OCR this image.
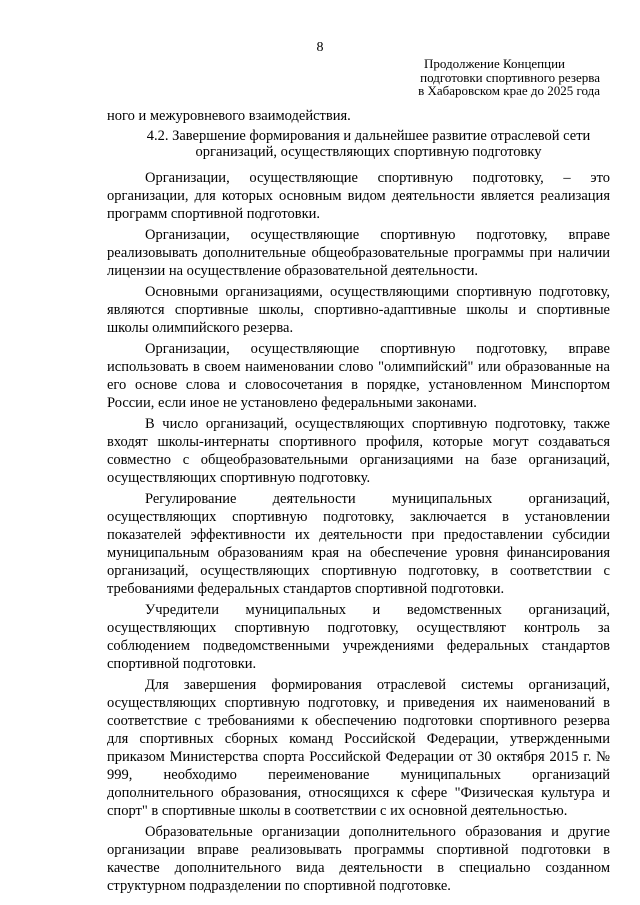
8
Продолжение Концепции
подготовки спортивного резерва
в Хабаровском крае до 2025 года

ного и межуровневого взаимодействия.

4.2. Завершение формирования и дальнейшее развитие отраслевой сети
организаций, осуществляющих спортивную подготовку

Организации, осуществляющие спортивную подготовку, – это организации, для которых основным видом деятельности является реализация программ спортивной подготовки.

Организации, осуществляющие спортивную подготовку, вправе реализовывать дополнительные общеобразовательные программы при наличии лицензии на осуществление образовательной деятельности.

Основными организациями, осуществляющими спортивную подготовку, являются спортивные школы, спортивно-адаптивные школы и спортивные школы олимпийского резерва.

Организации, осуществляющие спортивную подготовку, вправе использовать в своем наименовании слово "олимпийский" или образованные на его основе слова и словосочетания в порядке, установленном Минспортом России, если иное не установлено федеральными законами.

В число организаций, осуществляющих спортивную подготовку, также входят школы-интернаты спортивного профиля, которые могут создаваться совместно с общеобразовательными организациями на базе организаций, осуществляющих спортивную подготовку.

Регулирование деятельности муниципальных организаций, осуществляющих спортивную подготовку, заключается в установлении показателей эффективности их деятельности при предоставлении субсидии муниципальным образованиям края на обеспечение уровня финансирования организаций, осуществляющих спортивную подготовку, в соответствии с требованиями федеральных стандартов спортивной подготовки.

Учредители муниципальных и ведомственных организаций, осуществляющих спортивную подготовку, осуществляют контроль за соблюдением подведомственными учреждениями федеральных стандартов спортивной подготовки.

Для завершения формирования отраслевой системы организаций, осуществляющих спортивную подготовку, и приведения их наименований в соответствие с требованиями к обеспечению подготовки спортивного резерва для спортивных сборных команд Российской Федерации, утвержденными приказом Министерства спорта Российской Федерации от 30 октября 2015 г. № 999, необходимо переименование муниципальных организаций дополнительного образования, относящихся к сфере "Физическая культура и спорт" в спортивные школы в соответствии с их основной деятельностью.

Образовательные организации дополнительного образования и другие организации вправе реализовывать программы спортивной подготовки в качестве дополнительного вида деятельности в специально созданном структурном подразделении по спортивной подготовке.
